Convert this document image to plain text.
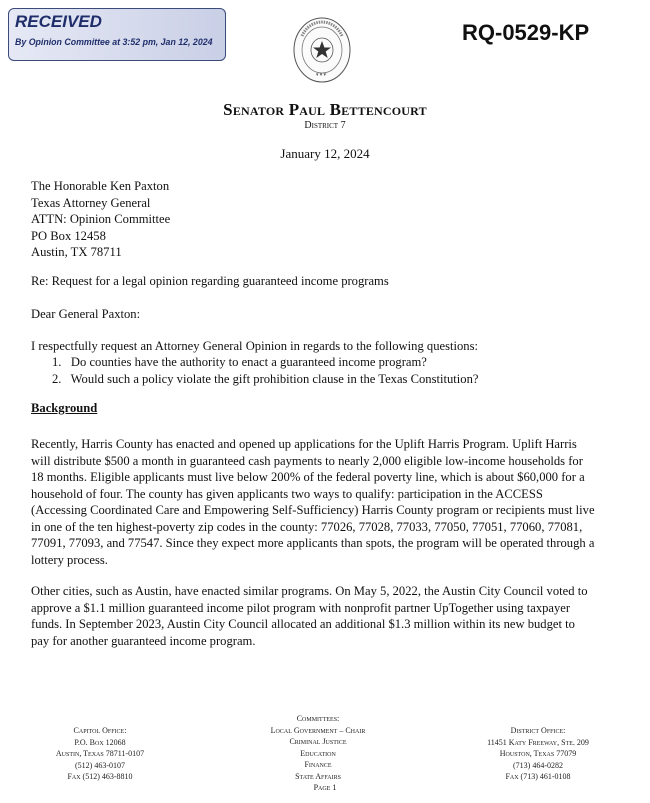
RECEIVED
By Opinion Committee at 3:52 pm, Jan 12, 2024	RQ-0529-KP
▾ ▾ ▾
Senator Paul Bettencourt
District 7
January 12, 2024
The Honorable Ken Paxton
Texas Attorney General
ATTN: Opinion Committee
PO Box 12458
Austin, TX 78711
Re: Request for a legal opinion regarding guaranteed income programs
Dear General Paxton:
I respectfully request an Attorney General Opinion in regards to the following questions:
1. Do counties have the authority to enact a guaranteed income program?
2. Would such a policy violate the gift prohibition clause in the Texas Constitution?
Background
Recently, Harris County has enacted and opened up applications for the Uplift Harris Program. Uplift Harris
will distribute $500 a month in guaranteed cash payments to nearly 2,000 eligible low-income households for
18 months. Eligible applicants must live below 200% of the federal poverty line, which is about $60,000 for a
household of four. The county has given applicants two ways to qualify: participation in the ACCESS
(Accessing Coordinated Care and Empowering Self-Sufficiency) Harris County program or recipients must live
in one of the ten highest-poverty zip codes in the county: 77026, 77028, 77033, 77050, 77051, 77060, 77081,
77091, 77093, and 77547. Since they expect more applicants than spots, the program will be operated through a
lottery process.
Other cities, such as Austin, have enacted similar programs. On May 5, 2022, the Austin City Council voted to
approve a $1.1 million guaranteed income pilot program with nonprofit partner UpTogether using taxpayer
funds. In September 2023, Austin City Council allocated an additional $1.3 million within its new budget to
pay for another guaranteed income program.
Capitol Office:
P.O. Box 12068
Austin, Texas 78711-0107
(512) 463-0107
Fax (512) 463-8810
Committees:
Local Government – Chair
Criminal Justice
Education
Finance
State Affairs
District Office:
11451 Katy Freeway, Ste. 209
Houston, Texas 77079
(713) 464-0282
Fax (713) 461-0108
Page 1
